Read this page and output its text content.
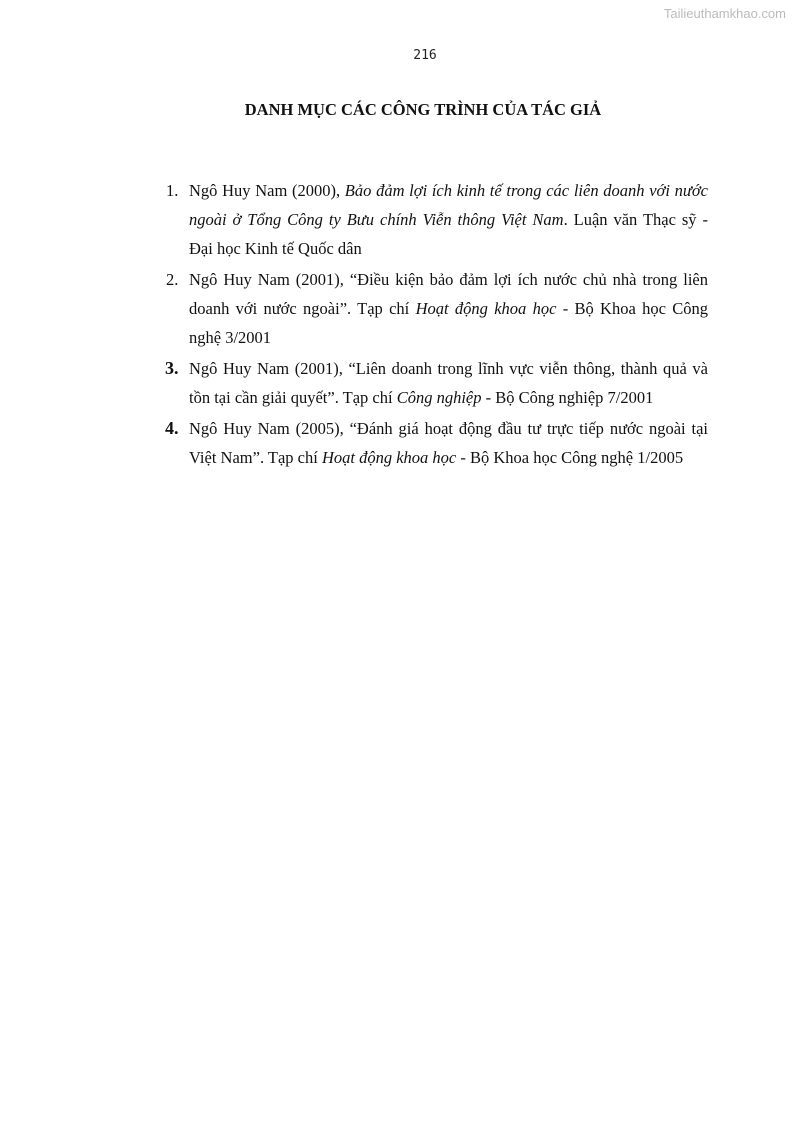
Tailieuthamkhao.com
216
DANH MỤC CÁC CÔNG TRÌNH CỦA TÁC GIẢ
1. Ngô Huy Nam (2000), Bảo đảm lợi ích kinh tế trong các liên doanh với nước ngoài ở Tổng Công ty Bưu chính Viễn thông Việt Nam. Luận văn Thạc sỹ - Đại học Kinh tế Quốc dân
2. Ngô Huy Nam (2001), “Điều kiện bảo đảm lợi ích nước chủ nhà trong liên doanh với nước ngoài”. Tạp chí Hoạt động khoa học - Bộ Khoa học Công nghệ 3/2001
3. Ngô Huy Nam (2001), “Liên doanh trong lĩnh vực viễn thông, thành quả và tồn tại cần giải quyết”. Tạp chí Công nghiệp - Bộ Công nghiệp 7/2001
4. Ngô Huy Nam (2005), “Đánh giá hoạt động đầu tư trực tiếp nước ngoài tại Việt Nam”. Tạp chí Hoạt động khoa học - Bộ Khoa học Công nghệ 1/2005
